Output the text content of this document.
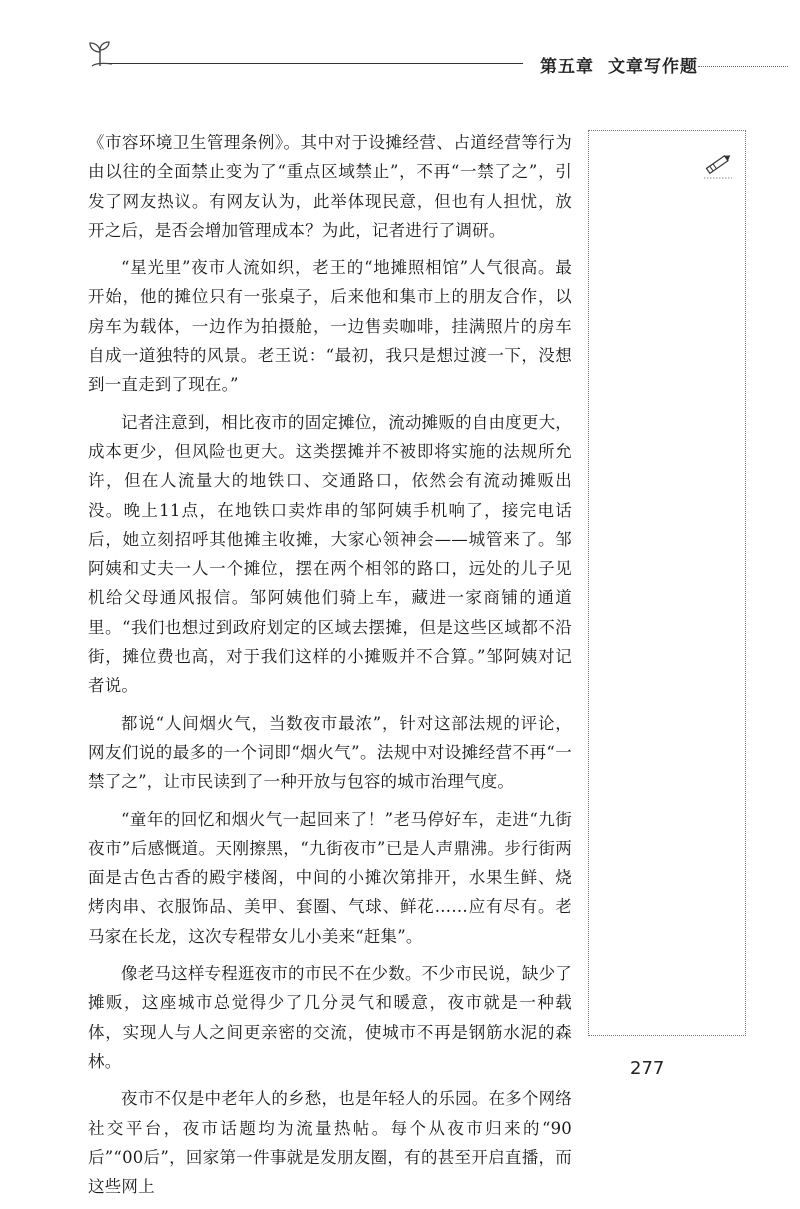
第五章 文章写作题

《市容环境卫生管理条例》。其中对于设摊经营、占道经营等行为由以往的全面禁止变为了“重点区域禁止”，不再“一禁了之”，引发了网友热议。有网友认为，此举体现民意，但也有人担忧，放开之后，是否会增加管理成本？为此，记者进行了调研。

“星光里”夜市人流如织，老王的“地摊照相馆”人气很高。最开始，他的摊位只有一张桌子，后来他和集市上的朋友合作，以房车为载体，一边作为拍摄舱，一边售卖咖啡，挂满照片的房车自成一道独特的风景。老王说：“最初，我只是想过渡一下，没想到一直走到了现在。”

记者注意到，相比夜市的固定摊位，流动摊贩的自由度更大，成本更少，但风险也更大。这类摆摊并不被即将实施的法规所允许，但在人流量大的地铁口、交通路口，依然会有流动摊贩出没。晚上11点，在地铁口卖炸串的邹阿姨手机响了，接完电话后，她立刻招呼其他摊主收摊，大家心领神会——城管来了。邹阿姨和丈夫一人一个摊位，摆在两个相邻的路口，远处的儿子见机给父母通风报信。邹阿姨他们骑上车，藏进一家商铺的通道里。“我们也想过到政府划定的区域去摆摊，但是这些区域都不沿街，摊位费也高，对于我们这样的小摊贩并不合算。”邹阿姨对记者说。

都说“人间烟火气，当数夜市最浓”，针对这部法规的评论，网友们说的最多的一个词即“烟火气”。法规中对设摊经营不再“一禁了之”，让市民读到了一种开放与包容的城市治理气度。

“童年的回忆和烟火气一起回来了！”老马停好车，走进“九街夜市”后感慨道。天刚擦黑，“九街夜市”已是人声鼎沸。步行街两面是古色古香的殿宇楼阁，中间的小摊次第排开，水果生鲜、烧烤肉串、衣服饰品、美甲、套圈、气球、鲜花……应有尽有。老马家在长龙，这次专程带女儿小美来“赶集”。

像老马这样专程逛夜市的市民不在少数。不少市民说，缺少了摊贩，这座城市总觉得少了几分灵气和暖意，夜市就是一种载体，实现人与人之间更亲密的交流，使城市不再是钢筋水泥的森林。

夜市不仅是中老年人的乡愁，也是年轻人的乐园。在多个网络社交平台，夜市话题均为流量热帖。每个从夜市归来的“90后”“00后”，回家第一件事就是发朋友圈，有的甚至开启直播，而这些网上

277
